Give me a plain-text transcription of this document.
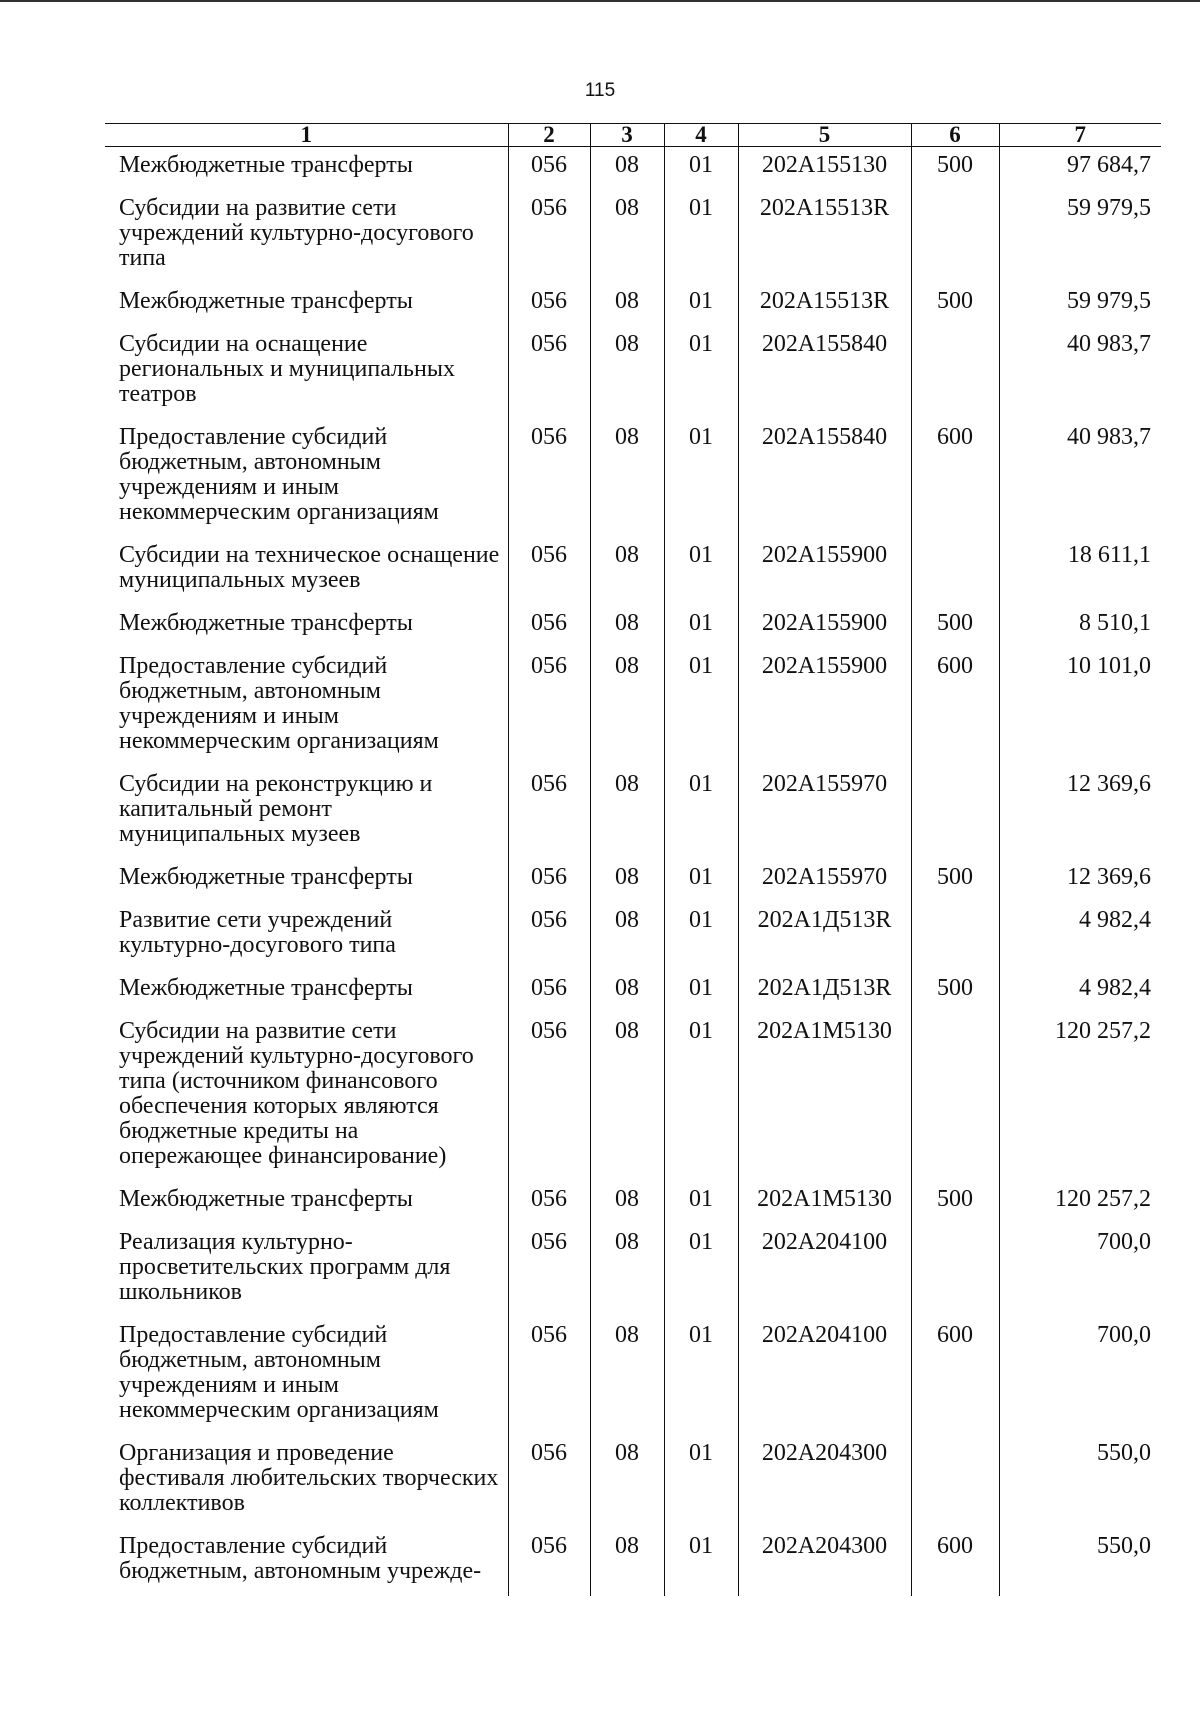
115
1	2	3	4	5	6	7
Межбюджетные трансферты	056	08	01	202A155130	500	97 684,7
Субсидии на развитие сети учреждений культурно-досугового типа	056	08	01	202A15513R		59 979,5
Межбюджетные трансферты	056	08	01	202A15513R	500	59 979,5
Субсидии на оснащение региональных и муниципальных театров	056	08	01	202A155840		40 983,7
Предоставление субсидий бюджетным, автономным учреждениям и иным некоммерческим организациям	056	08	01	202A155840	600	40 983,7
Субсидии на техническое оснащение муниципальных музеев	056	08	01	202A155900		18 611,1
Межбюджетные трансферты	056	08	01	202A155900	500	8 510,1
Предоставление субсидий бюджетным, автономным учреждениям и иным некоммерческим организациям	056	08	01	202A155900	600	10 101,0
Субсидии на реконструкцию и капитальный ремонт муниципальных музеев	056	08	01	202A155970		12 369,6
Межбюджетные трансферты	056	08	01	202A155970	500	12 369,6
Развитие сети учреждений культурно-досугового типа	056	08	01	202A1Д513R		4 982,4
Межбюджетные трансферты	056	08	01	202A1Д513R	500	4 982,4
Субсидии на развитие сети учреждений культурно-досугового типа (источником финансового обеспечения которых являются бюджетные кредиты на опережающее финансирование)	056	08	01	202A1M5130		120 257,2
Межбюджетные трансферты	056	08	01	202A1M5130	500	120 257,2
Реализация культурно-просветительских программ для школьников	056	08	01	202A204100		700,0
Предоставление субсидий бюджетным, автономным учреждениям и иным некоммерческим организациям	056	08	01	202A204100	600	700,0
Организация и проведение фестиваля любительских творческих коллективов	056	08	01	202A204300		550,0
Предоставление субсидий бюджетным, автономным учрежде-	056	08	01	202A204300	600	550,0
